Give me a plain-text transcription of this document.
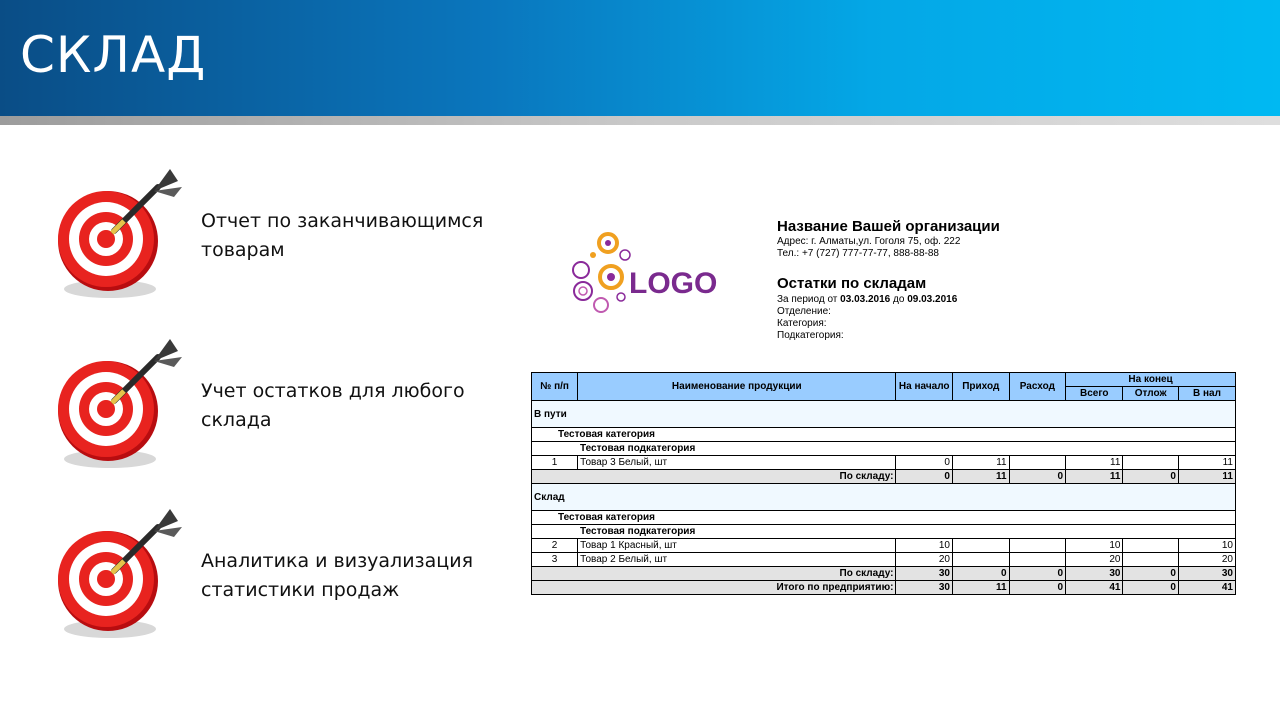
СКЛАД
Отчет по заканчивающимся товарам
Учет остатков для любого склада
Аналитика и визуализация статистики продаж
LOGO
Название Вашей организации
Адрес: г. Алматы,ул. Гоголя 75, оф. 222
Тел.: +7 (727) 777-77-77, 888-88-88
Остатки по складам
За период от 03.03.2016 до 09.03.2016
Отделение:
Категория:
Подкатегория:
№ п/п	Наименование продукции	На начало	Приход	Расход	На конец		
					Всего	Отлож	В нал
В пути							
Тестовая категория							
Тестовая подкатегория							
1	Товар 3 Белый, шт	0	11		11		11
По складу:		0	11	0	11	0	11
Склад							
Тестовая категория							
Тестовая подкатегория							
2	Товар 1 Красный, шт	10			10		10
3	Товар 2 Белый, шт	20			20		20
По складу:		30	0	0	30	0	30
Итого по предприятию:		30	11	0	41	0	41
